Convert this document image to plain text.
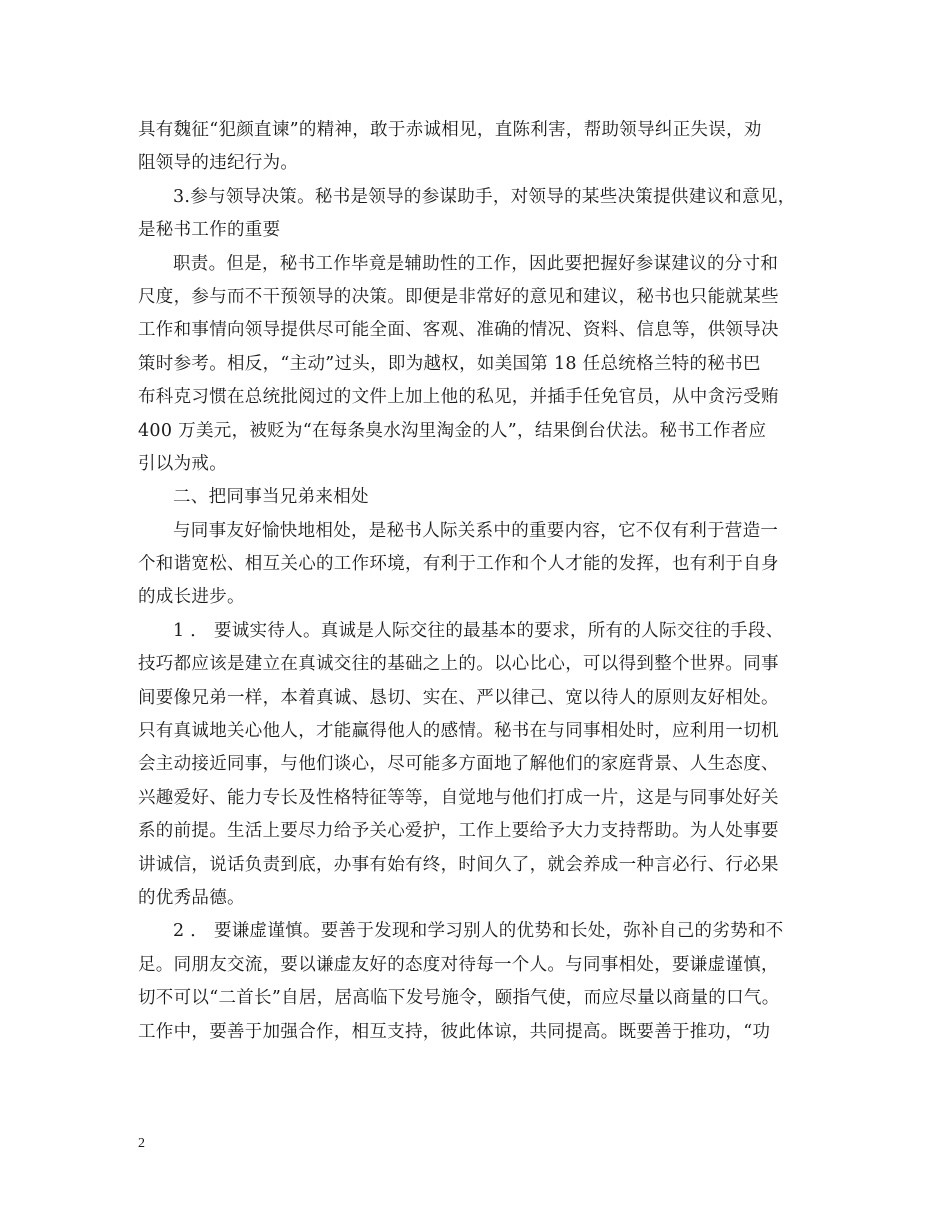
具有魏征“犯颜直谏”的精神，敢于赤诚相见，直陈利害，帮助领导纠正失误，劝
阻领导的违纪行为。
3.参与领导决策。秘书是领导的参谋助手，对领导的某些决策提供建议和意见，
是秘书工作的重要
职责。但是，秘书工作毕竟是辅助性的工作，因此要把握好参谋建议的分寸和
尺度，参与而不干预领导的决策。即便是非常好的意见和建议，秘书也只能就某些
工作和事情向领导提供尽可能全面、客观、准确的情况、资料、信息等，供领导决
策时参考。相反，“主动”过头，即为越权，如美国第 18 任总统格兰特的秘书巴
布科克习惯在总统批阅过的文件上加上他的私见，并插手任免官员，从中贪污受贿
400 万美元，被贬为“在每条臭水沟里淘金的人”，结果倒台伏法。秘书工作者应
引以为戒。
二、把同事当兄弟来相处
与同事友好愉快地相处，是秘书人际关系中的重要内容，它不仅有利于营造一
个和谐宽松、相互关心的工作环境，有利于工作和个人才能的发挥，也有利于自身
的成长进步。
1 ． 要诚实待人。真诚是人际交往的最基本的要求，所有的人际交往的手段、
技巧都应该是建立在真诚交往的基础之上的。以心比心，可以得到整个世界。同事
间要像兄弟一样，本着真诚、恳切、实在、严以律己、宽以待人的原则友好相处。
只有真诚地关心他人，才能赢得他人的感情。秘书在与同事相处时，应利用一切机
会主动接近同事，与他们谈心，尽可能多方面地了解他们的家庭背景、人生态度、
兴趣爱好、能力专长及性格特征等等，自觉地与他们打成一片，这是与同事处好关
系的前提。生活上要尽力给予关心爱护，工作上要给予大力支持帮助。为人处事要
讲诚信，说话负责到底，办事有始有终，时间久了，就会养成一种言必行、行必果
的优秀品德。
2 ． 要谦虚谨慎。要善于发现和学习别人的优势和长处，弥补自己的劣势和不
足。同朋友交流，要以谦虚友好的态度对待每一个人。与同事相处，要谦虚谨慎，
切不可以“二首长”自居，居高临下发号施令，颐指气使，而应尽量以商量的口气。
工作中，要善于加强合作，相互支持，彼此体谅，共同提高。既要善于推功，“功
2
